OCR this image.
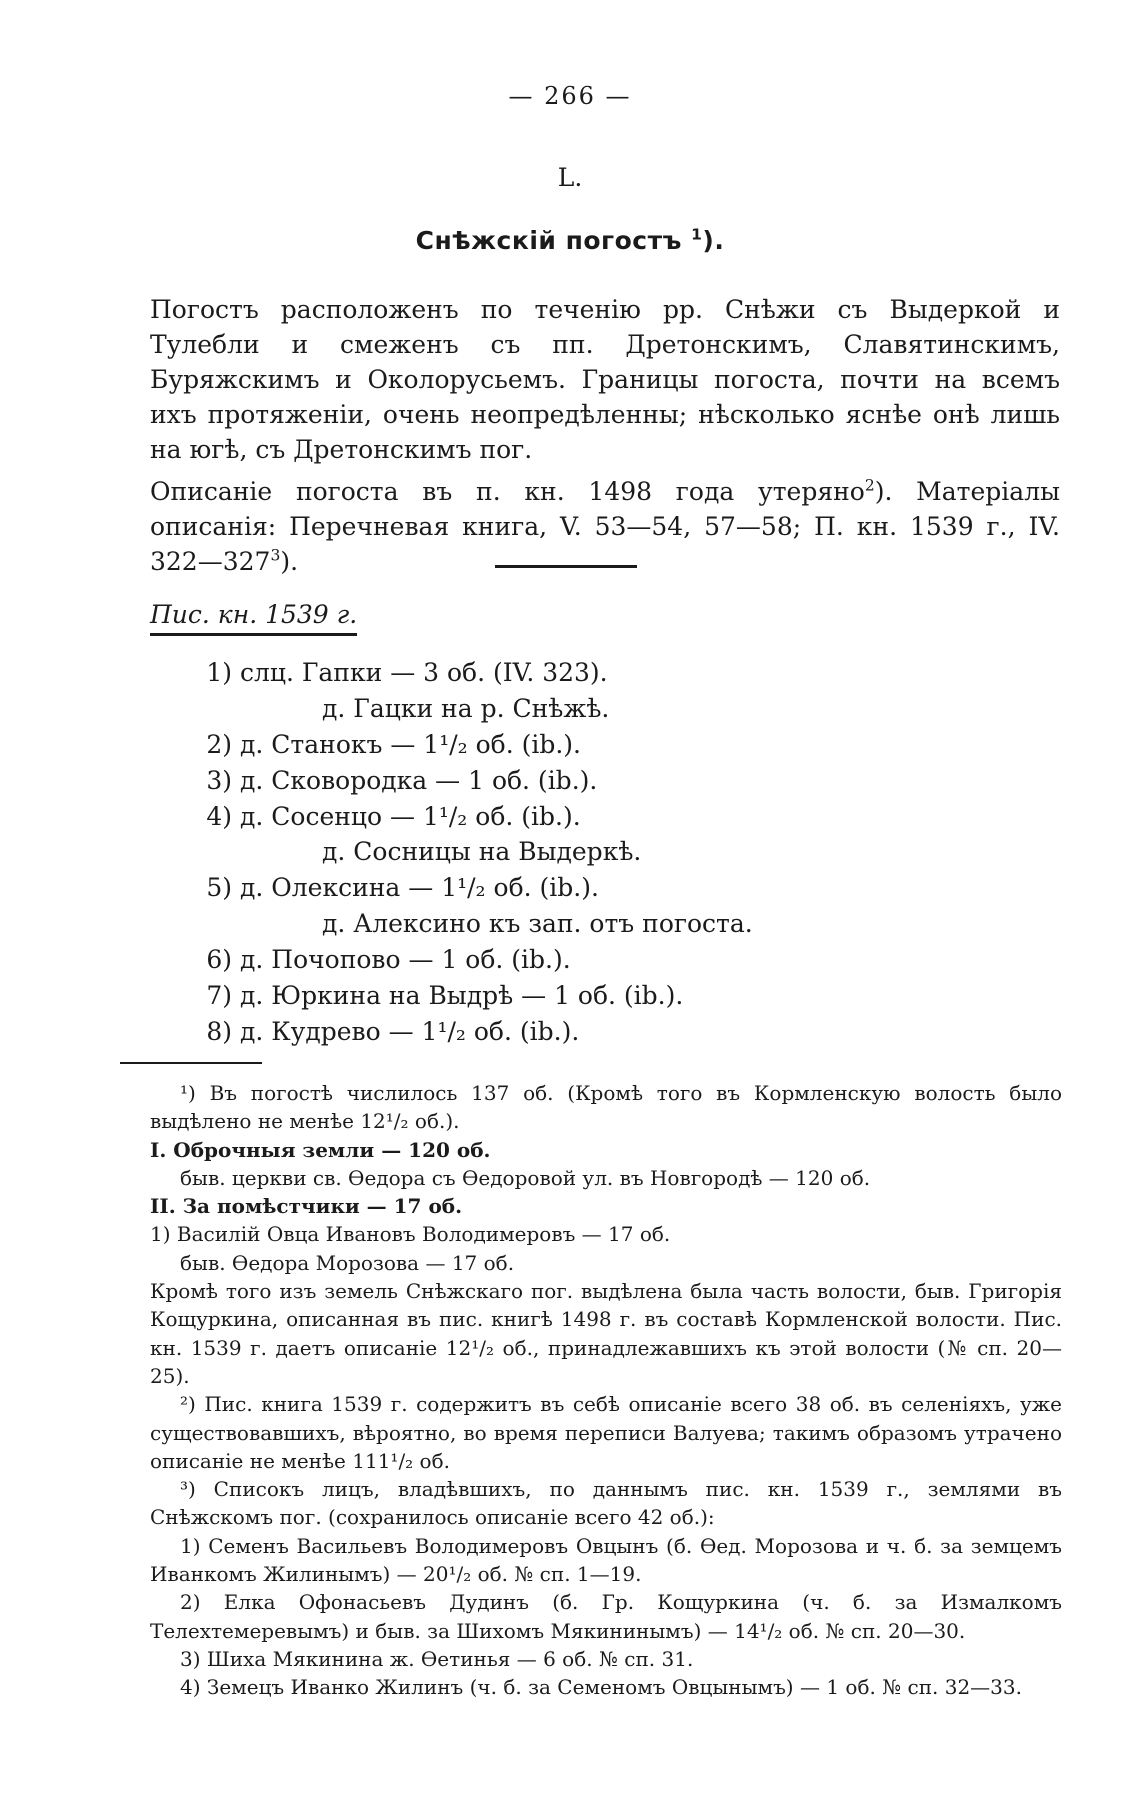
— 266 —
L.
Снѣжскій погостъ $^1$).
Погостъ расположенъ по теченію рр. Снѣжи съ Выдеркой и Тулебли и смеженъ съ пп. Дретонскимъ, Славятинскимъ, Буряжскимъ и Околорусьемъ. Границы погоста, почти на всемъ ихъ протяженіи, очень неопредѣленны; нѣсколько яснѣе онѣ лишь на югѣ, съ Дретонскимъ пог.
Описаніе погоста въ п. кн. 1498 года утеряно$^2$). Матеріалы описанія: Перечневая книга, V. 53—54, 57—58; П. кн. 1539 г., IV. $322—327^3$).
Пис. кн. 1539 г.
1) слц. Гапки — 3 об. (IV. 323).
д. Гацки на р. Снѣжѣ.
2) д. Станокъ — 1¹/₂ об. (ib.).
3) д. Сковородка — 1 об. (ib.).
4) д. Сосенцо — 1¹/₂ об. (ib.).
д. Сосницы на Выдеркѣ.
5) д. Олексина — 1¹/₂ об. (ib.).
д. Алексино къ зап. отъ погоста.
6) д. Почопово — 1 об. (ib.).
7) д. Юркина на Выдрѣ — 1 об. (ib.).
8) д. Кудрево — 1¹/₂ об. (ib.).

¹) Въ погостѣ числилось 137 об. (Кромѣ того въ Кормленскую волость было выдѣлено не менѣе 12¹/₂ об.).

I. Оброчныя земли — 120 об.

быв. церкви св. Өедора съ Өедоровой ул. въ Новгородѣ — 120 об.

II. За помѣстчики — 17 об.

1) Василій Овца Ивановъ Володимеровъ — 17 об.

быв. Өедора Морозова — 17 об.

Кромѣ того изъ земель Снѣжскаго пог. выдѣлена была часть волости, быв. Григорія Кощуркина, описанная въ пис. книгѣ 1498 г. въ составѣ Кормленской волости. Пис. кн. 1539 г. даетъ описаніе 12¹/₂ об., принадлежавшихъ къ этой волости (№ сп. 20—25).

²) Пис. книга 1539 г. содержитъ въ себѣ описаніе всего 38 об. въ селеніяхъ, уже существовавшихъ, вѣроятно, во время переписи Валуева; такимъ образомъ утрачено описаніе не менѣе 111¹/₂ об.

³) Списокъ лицъ, владѣвшихъ, по даннымъ пис. кн. 1539 г., землями въ Снѣжскомъ пог. (сохранилось описаніе всего 42 об.):

1) Семенъ Васильевъ Володимеровъ Овцынъ (б. Өед. Морозова и ч. б. за земцемъ Иванкомъ Жилинымъ) — 20¹/₂ об. № сп. 1—19.

2) Елка Офонасьевъ Дудинъ (б. Гр. Кощуркина (ч. б. за Измалкомъ Телехтемеревымъ) и быв. за Шихомъ Мякининымъ) — 14¹/₂ об. № сп. 20—30.

3) Шиха Мякинина ж. Өетинья — 6 об. № сп. 31.

4) Земецъ Иванко Жилинъ (ч. б. за Семеномъ Овцынымъ) — 1 об. № сп. 32—33.
